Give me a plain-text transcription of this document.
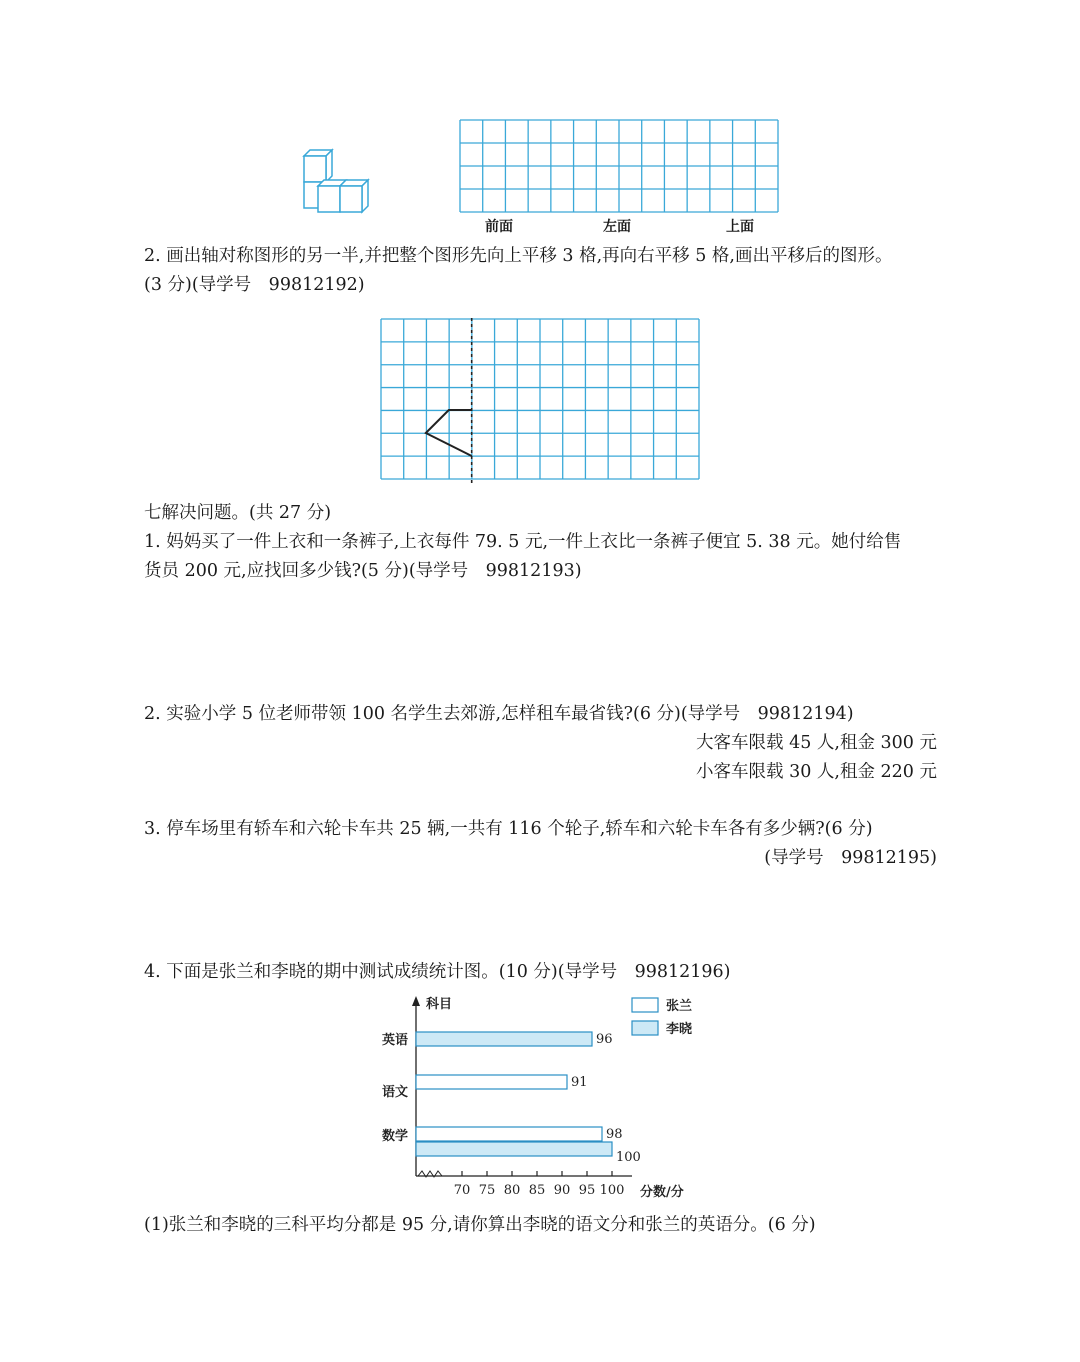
前面	左面	上面
2. 画出轴对称图形的另一半,并把整个图形先向上平移 3 格,再向右平移 5 格,画出平移后的图形。
(3 分)(导学号　99812192)
七解决问题。(共 27 分)
1. 妈妈买了一件上衣和一条裤子,上衣每件 79. 5 元,一件上衣比一条裤子便宜 5. 38 元。她付给售
货员 200 元,应找回多少钱?(5 分)(导学号　99812193)
2. 实验小学 5 位老师带领 100 名学生去郊游,怎样租车最省钱?(6 分)(导学号　99812194)
大客车限载 45 人,租金 300 元
小客车限载 30 人,租金 220 元
3. 停车场里有轿车和六轮卡车共 25 辆,一共有 116 个轮子,轿车和六轮卡车各有多少辆?(6 分)
(导学号　99812195)
4. 下面是张兰和李晓的期中测试成绩统计图。(10 分)(导学号　99812196)
70 75 80 85 90 95 100
科目
分数/分
张兰
李晓
英语	96
语文
91
数学	98
100
(1)张兰和李晓的三科平均分都是 95 分,请你算出李晓的语文分和张兰的英语分。(6 分)
